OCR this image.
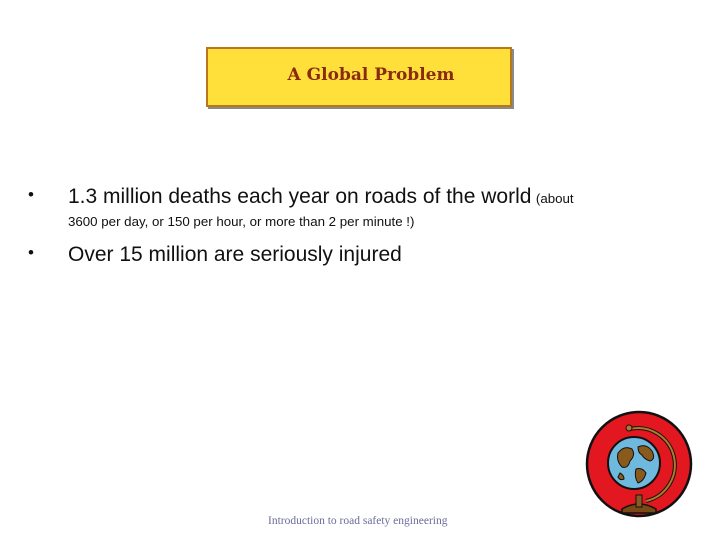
A Global Problem
• 1.3 million deaths each year on roads of the world (about
3600 per day, or 150 per hour, or more than 2 per minute !)
• Over 15 million are seriously injured
Introduction to road safety engineering
